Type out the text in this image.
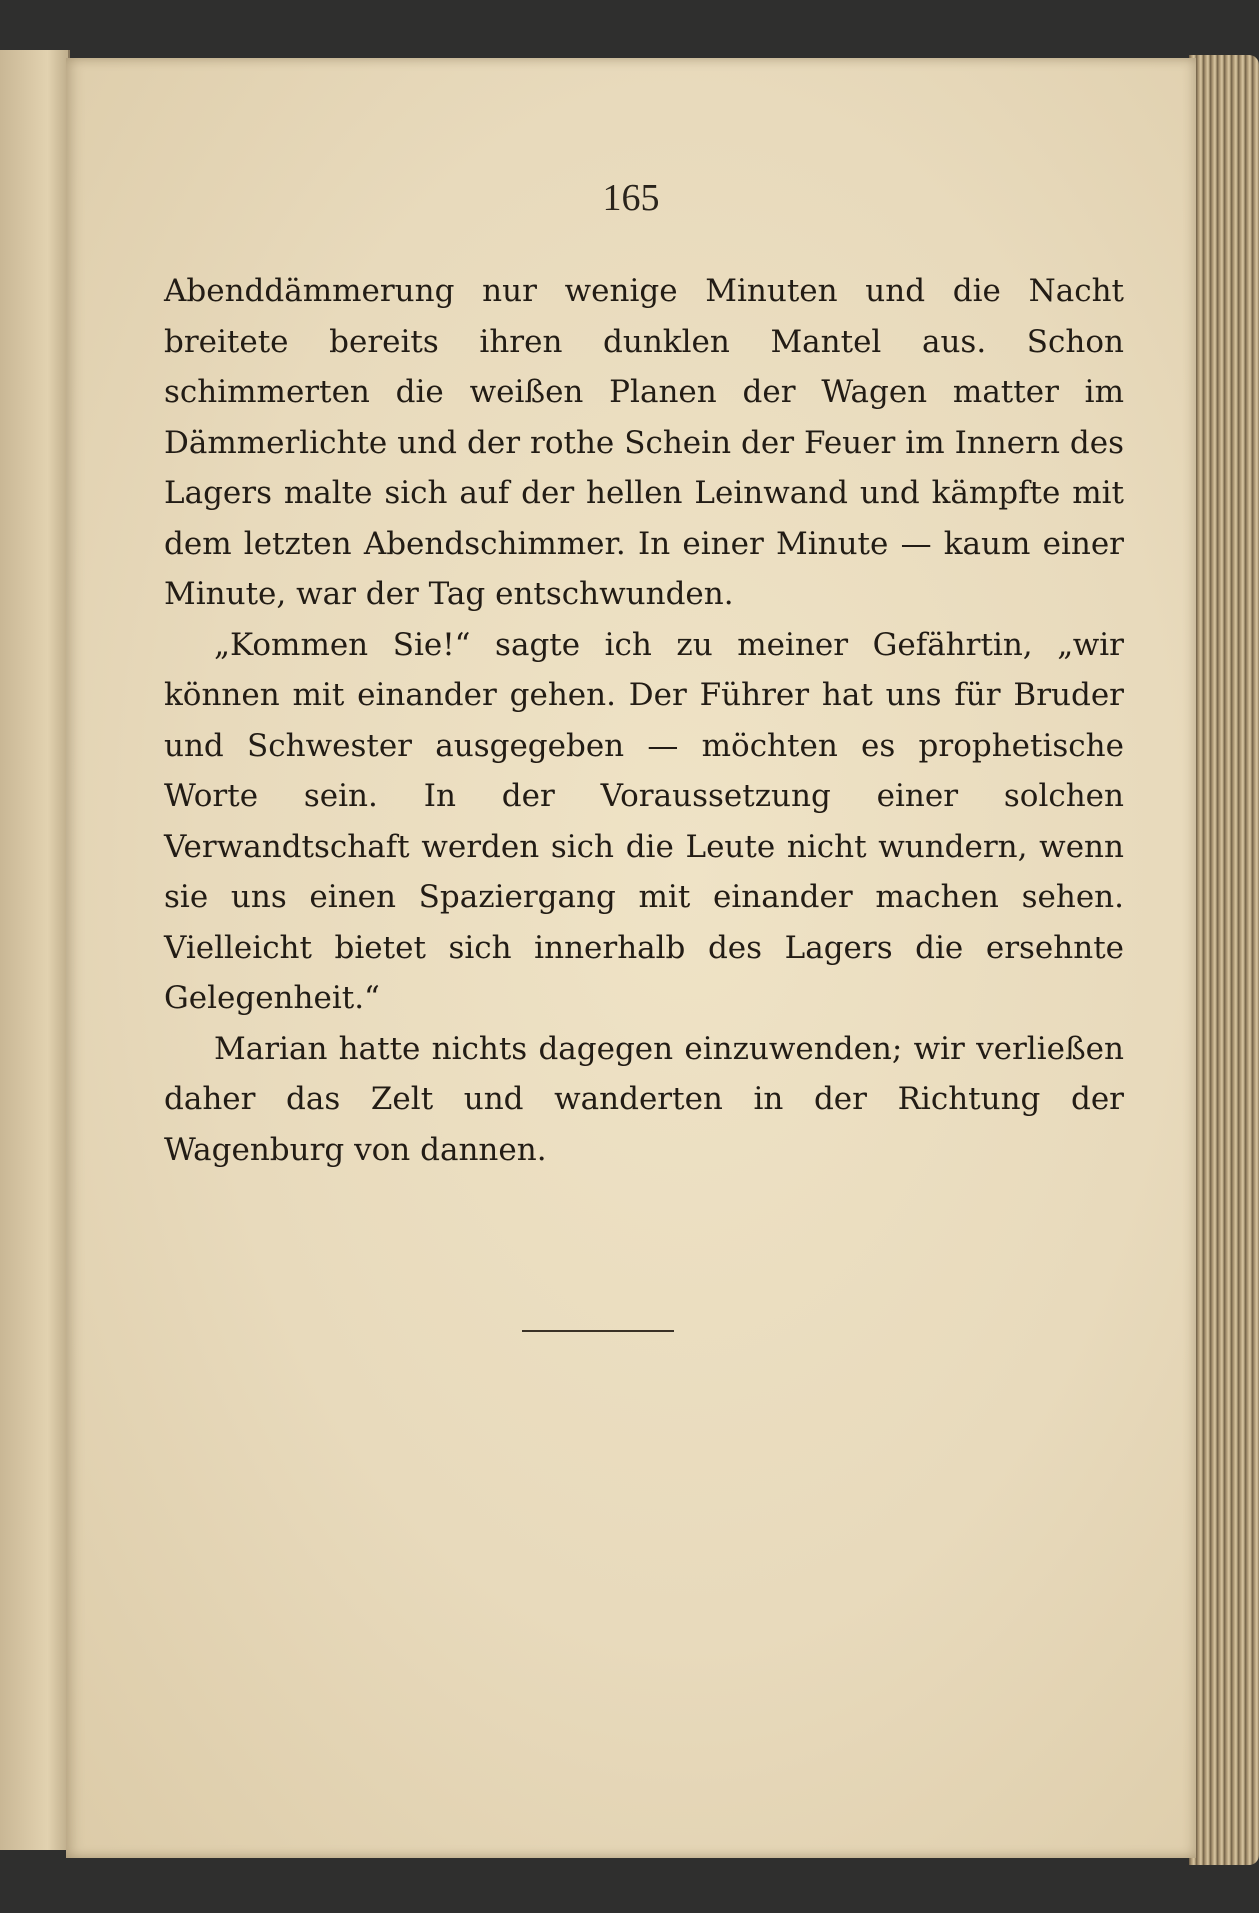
165

Abenddämmerung nur wenige Minuten und die Nacht breitete bereits ihren dunklen Mantel aus. Schon schimmerten die weißen Planen der Wagen matter im Dämmerlichte und der rothe Schein der Feuer im Innern des Lagers malte sich auf der hellen Leinwand und kämpfte mit dem letzten Abendschimmer. In einer Minute — kaum einer Minute, war der Tag entschwunden.

„Kommen Sie!“ sagte ich zu meiner Gefährtin, „wir können mit einander gehen. Der Führer hat uns für Bruder und Schwester ausgegeben — möchten es prophetische Worte sein. In der Voraussetzung einer solchen Verwandtschaft werden sich die Leute nicht wundern, wenn sie uns einen Spaziergang mit einander machen sehen. Vielleicht bietet sich innerhalb des Lagers die ersehnte Gelegenheit.“

Marian hatte nichts dagegen einzuwenden; wir verließen daher das Zelt und wanderten in der Richtung der Wagenburg von dannen.
